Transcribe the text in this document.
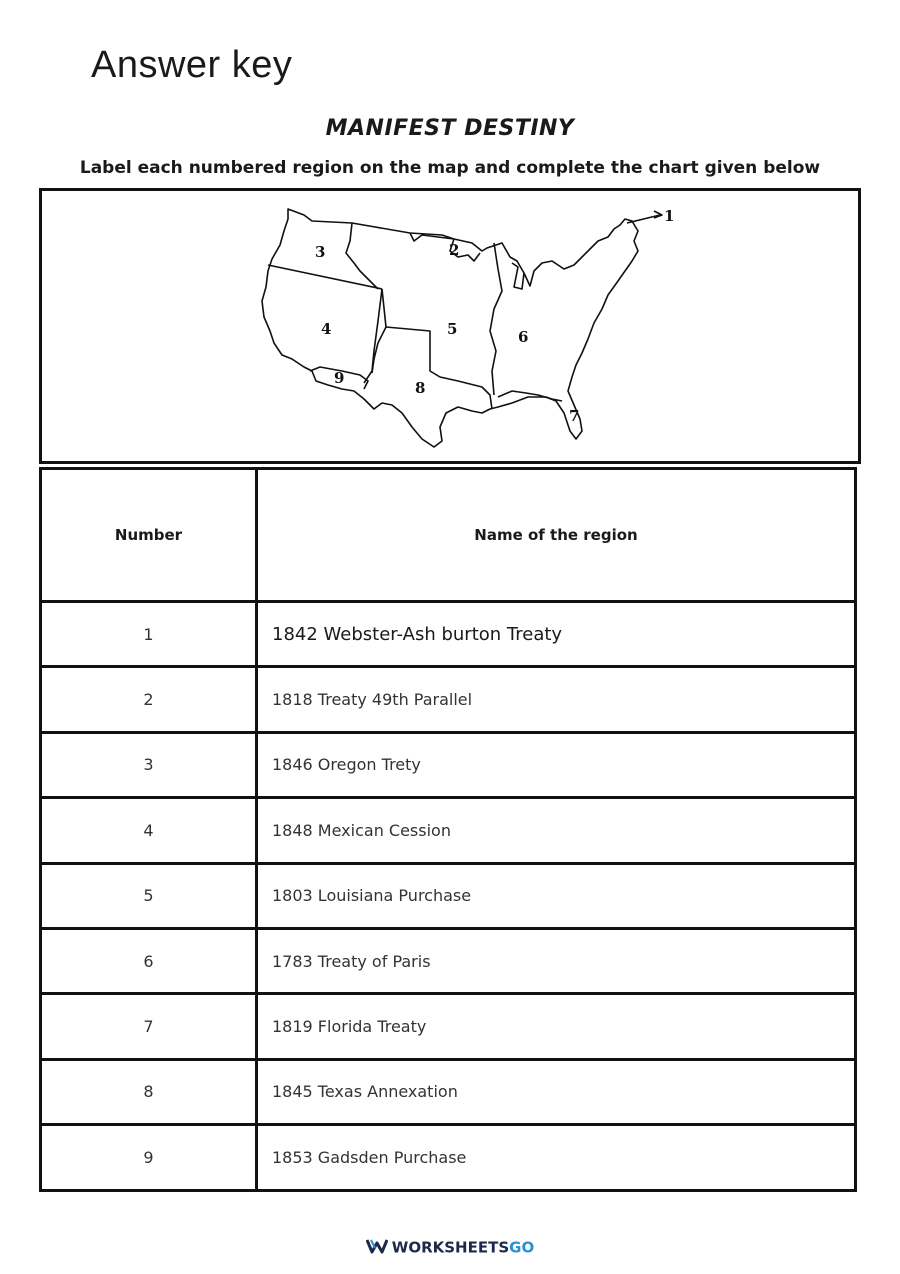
Answer key
MANIFEST DESTINY
Label each numbered region on the map and complete the chart given below
1
2
3
4	5	6
7
8
9
Number	Name of the region
1	1842 Webster-Ash burton Treaty
2	1818 Treaty 49th Parallel
3	1846 Oregon Trety
4	1848 Mexican Cession
5	1803 Louisiana Purchase
6	1783 Treaty of Paris
7	1819 Florida Treaty
8	1845 Texas Annexation
9	1853 Gadsden Purchase
WORKSHEETSGO
